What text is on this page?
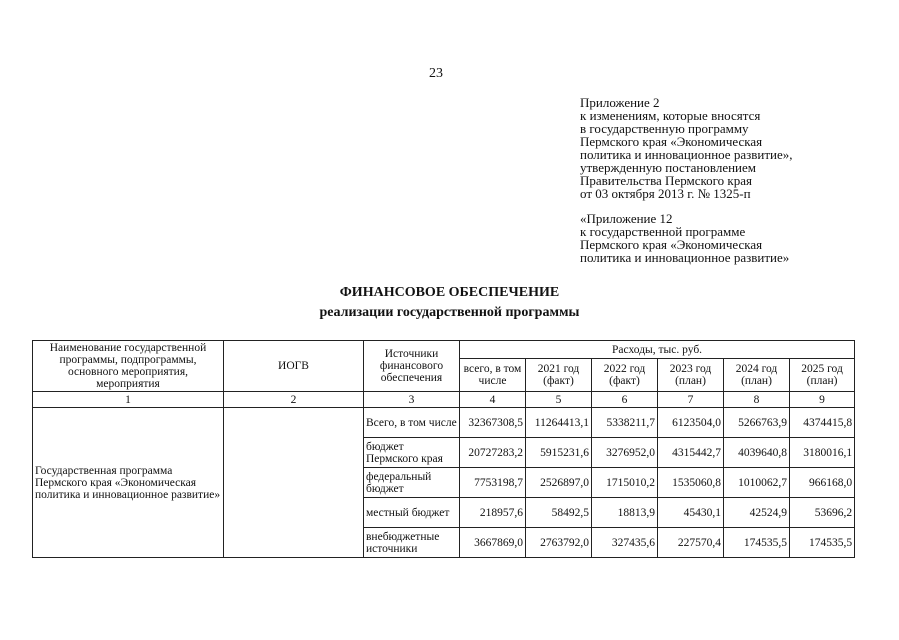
23
Приложение 2
к изменениям, которые вносятся
в государственную программу
Пермского края «Экономическая
политика и инновационное развитие»,
утвержденную постановлением
Правительства Пермского края
от 03 октября 2013 г. № 1325-п
«Приложение 12
к государственной программе
Пермского края «Экономическая
политика и инновационное развитие»
ФИНАНСОВОЕ ОБЕСПЕЧЕНИЕ
реализации государственной программы
Наименование государственной программы, подпрограммы, основного мероприятия, мероприятия	ИОГВ	Источники финансового обеспечения	Расходы, тыс. руб.					
			всего, в том числе	2021 год (факт)	2022 год (факт)	2023 год (план)	2024 год (план)	2025 год (план)
1	2	3	4	5	6	7	8	9
Государственная программа Пермского края «Экономическая политика и инновационное развитие»		Всего, в том числе	32367308,5	11264413,1	5338211,7	6123504,0	5266763,9	4374415,8
		бюджет Пермского края	20727283,2	5915231,6	3276952,0	4315442,7	4039640,8	3180016,1
		федеральный бюджет	7753198,7	2526897,0	1715010,2	1535060,8	1010062,7	966168,0
		местный бюджет	218957,6	58492,5	18813,9	45430,1	42524,9	53696,2
		внебюджетные источники	3667869,0	2763792,0	327435,6	227570,4	174535,5	174535,5
